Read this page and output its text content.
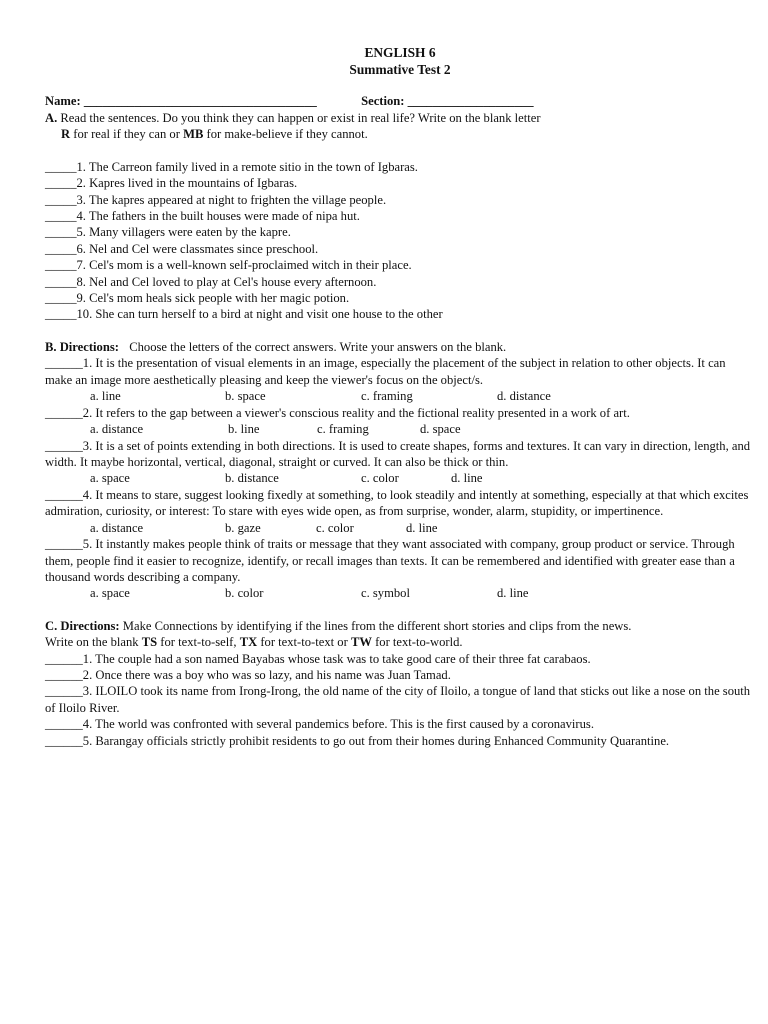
ENGLISH 6
Summative Test 2
Name: _____________________________________	Section: ____________________
A. Read the sentences. Do you think they can happen or exist in real life? Write on the blank letter
R for real if they can or MB for make-believe if they cannot.
_____1. The Carreon family lived in a remote sitio in the town of Igbaras.
_____2. Kapres lived in the mountains of Igbaras.
_____3. The kapres appeared at night to frighten the village people.
_____4. The fathers in the built houses were made of nipa hut.
_____5. Many villagers were eaten by the kapre.
_____6. Nel and Cel were classmates since preschool.
_____7. Cel's mom is a well-known self-proclaimed witch in their place.
_____8. Nel and Cel loved to play at Cel's house every afternoon.
_____9. Cel's mom heals sick people with her magic potion.
_____10. She can turn herself to a bird at night and visit one house to the other
B. Directions: Choose the letters of the correct answers. Write your answers on the blank.
______1. It is the presentation of visual elements in an image, especially the placement of the subject in relation to other objects. It can make an image more aesthetically pleasing and keep the viewer's focus on the object/s.
a. line	b. space	c. framing	d. distance
______2. It refers to the gap between a viewer's conscious reality and the fictional reality presented in a work of art.
a. distance	b. line	c. framing	d. space
______3. It is a set of points extending in both directions. It is used to create shapes, forms and textures. It can vary in direction, length, and width. It maybe horizontal, vertical, diagonal, straight or curved. It can also be thick or thin.
a. space	b. distance	c. color	d. line
______4. It means to stare, suggest looking fixedly at something, to look steadily and intently at something, especially at that which excites admiration, curiosity, or interest: To stare with eyes wide open, as from surprise, wonder, alarm, stupidity, or impertinence.
a. distance	b. gaze	c. color	d. line
______5. It instantly makes people think of traits or message that they want associated with company, group product or service. Through them, people find it easier to recognize, identify, or recall images than texts. It can be remembered and identified with greater ease than a thousand words describing a company.
a. space	b. color	c. symbol	d. line
C. Directions: Make Connections by identifying if the lines from the different short stories and clips from the news.
Write on the blank TS for text-to-self, TX for text-to-text or TW for text-to-world.
______1. The couple had a son named Bayabas whose task was to take good care of their three fat carabaos.
______2. Once there was a boy who was so lazy, and his name was Juan Tamad.
______3. ILOILO took its name from Irong-Irong, the old name of the city of Iloilo, a tongue of land that sticks out like a nose on the south of Iloilo River.
______4. The world was confronted with several pandemics before. This is the first caused by a coronavirus.
______5. Barangay officials strictly prohibit residents to go out from their homes during Enhanced Community Quarantine.
